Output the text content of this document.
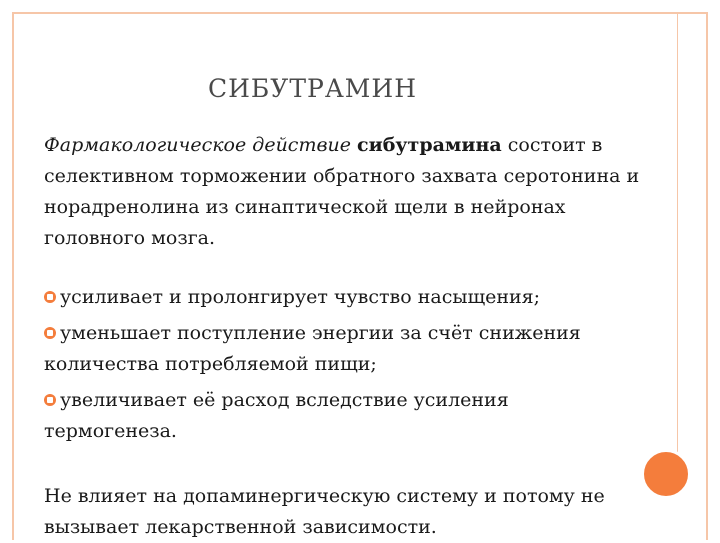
СИБУТРАМИН
Фармакологическое действие сибутрамина состоит в селективном торможении обратного захвата серотонина и норадренолина из синаптической щели в нейронах головного мозга.
усиливает и пролонгирует чувство насыщения;
уменьшает поступление энергии за счёт снижения количества потребляемой пищи;
увеличивает её расход вследствие усиления термогенеза.
Не влияет на допаминергическую систему и потому не вызывает лекарственной зависимости.
